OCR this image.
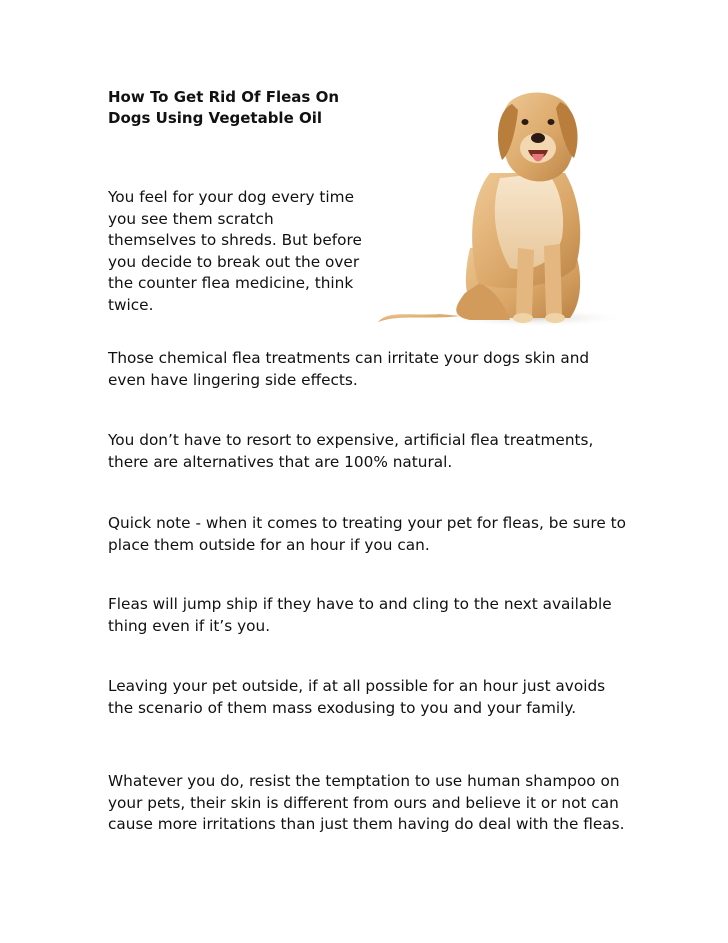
How To Get Rid Of Fleas On Dogs Using Vegetable Oil

You feel for your dog every time you see them scratch themselves to shreds. But before you decide to break out the over the counter flea medicine, think twice.

Those chemical flea treatments can irritate your dogs skin and even have lingering side effects.

You don’t have to resort to expensive, artificial flea treatments, there are alternatives that are 100% natural.

Quick note - when it comes to treating your pet for fleas, be sure to place them outside for an hour if you can.

Fleas will jump ship if they have to and cling to the next available thing even if it’s you.

Leaving your pet outside, if at all possible for an hour just avoids the scenario of them mass exodusing to you and your family.

Whatever you do, resist the temptation to use human shampoo on your pets, their skin is different from ours and believe it or not can cause more irritations than just them having do deal with the fleas.
